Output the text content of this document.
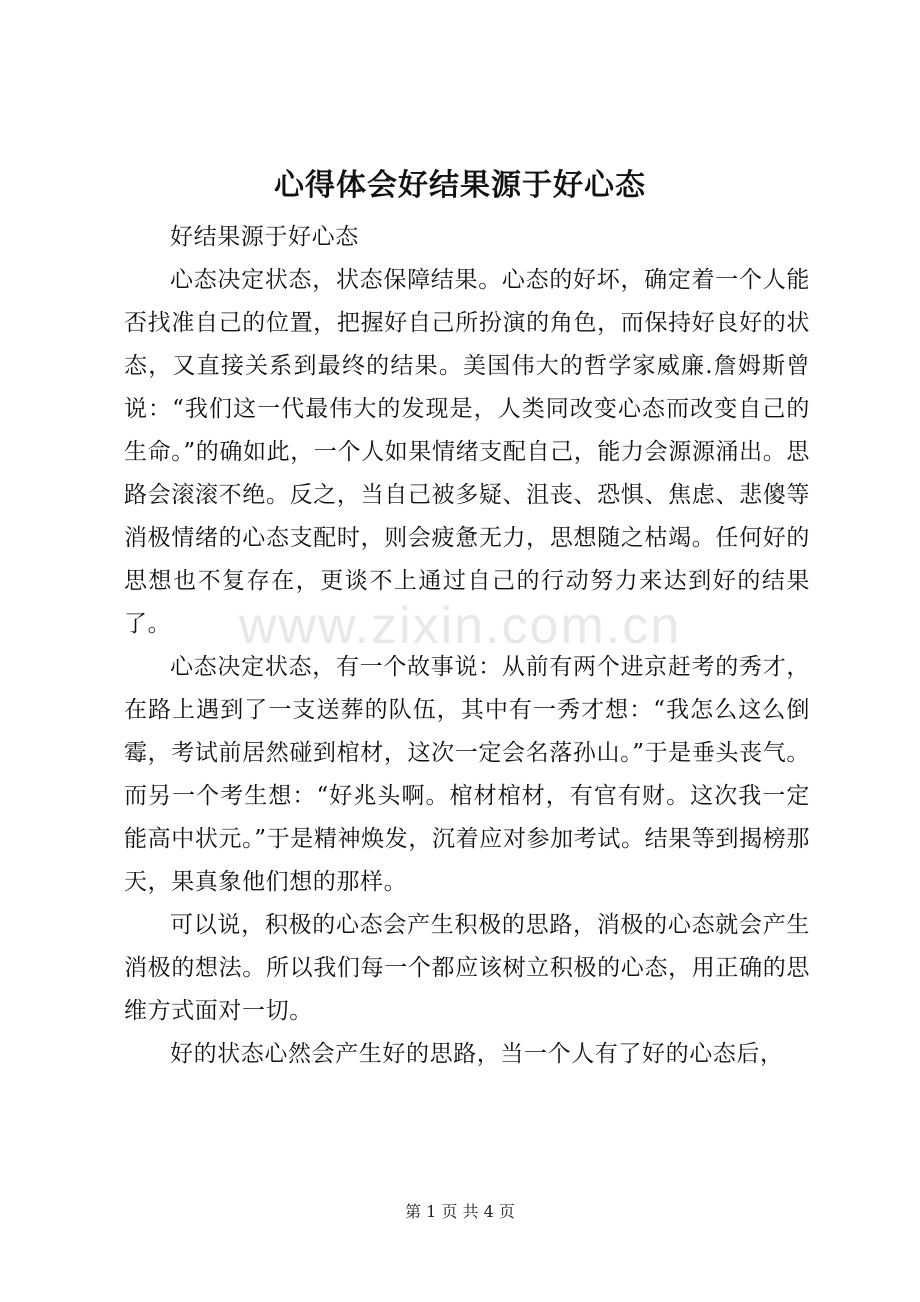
心得体会好结果源于好心态

好结果源于好心态

心态决定状态，状态保障结果。心态的好坏，确定着一个人能否找准自己的位置，把握好自己所扮演的角色，而保持好良好的状态，又直接关系到最终的结果。美国伟大的哲学家威廉.詹姆斯曾说：“我们这一代最伟大的发现是，人类同改变心态而改变自己的生命。”的确如此，一个人如果情绪支配自己，能力会源源涌出。思路会滚滚不绝。反之，当自己被多疑、沮丧、恐惧、焦虑、悲傻等消极情绪的心态支配时，则会疲惫无力，思想随之枯竭。任何好的思想也不复存在，更谈不上通过自己的行动努力来达到好的结果了。

心态决定状态，有一个故事说：从前有两个进京赶考的秀才，在路上遇到了一支送葬的队伍，其中有一秀才想：“我怎么这么倒霉，考试前居然碰到棺材，这次一定会名落孙山。”于是垂头丧气。而另一个考生想：“好兆头啊。棺材棺材，有官有财。这次我一定能高中状元。”于是精神焕发，沉着应对参加考试。结果等到揭榜那天，果真象他们想的那样。

可以说，积极的心态会产生积极的思路，消极的心态就会产生消极的想法。所以我们每一个都应该树立积极的心态，用正确的思维方式面对一切。

好的状态心然会产生好的思路，当一个人有了好的心态后，

www.zixin.com.cn
第 1 页 共 4 页
